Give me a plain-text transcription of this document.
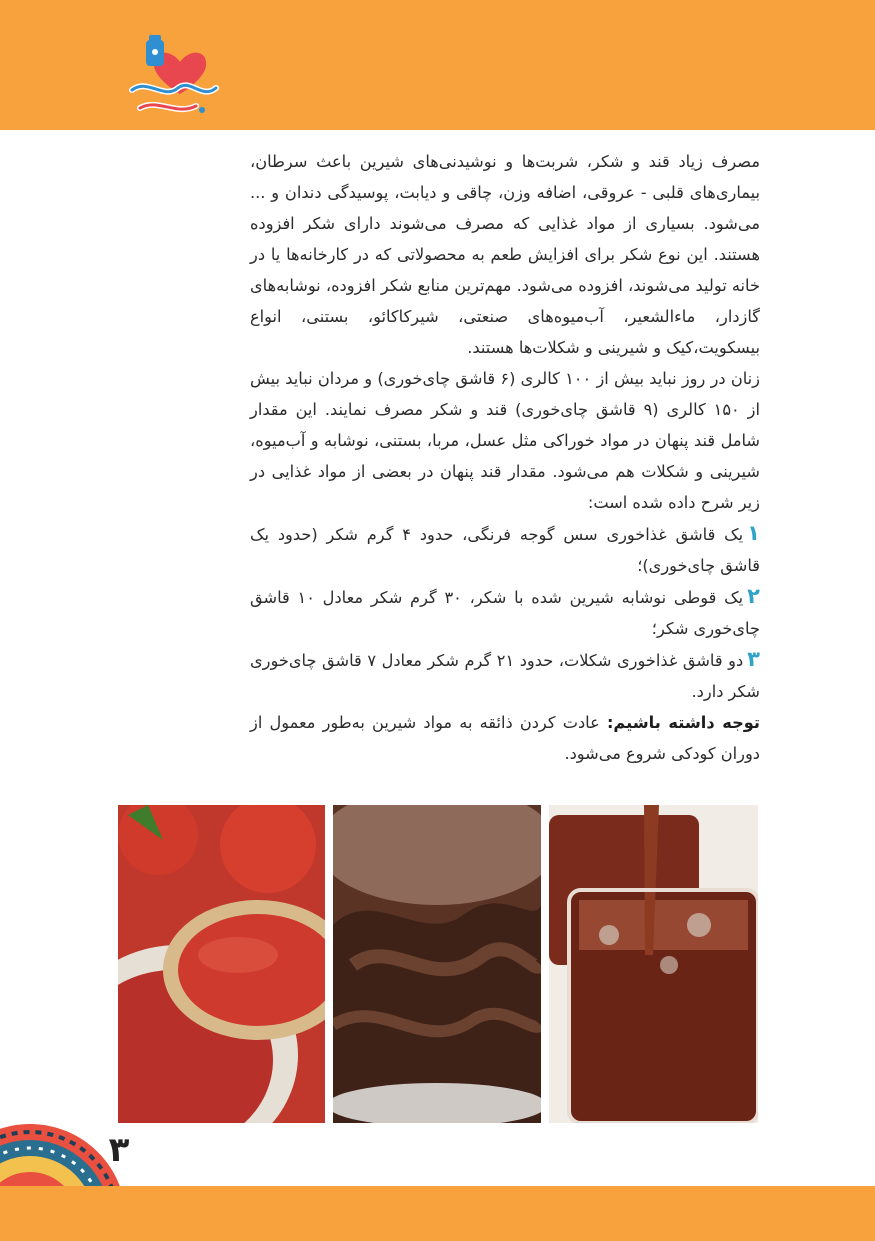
مصرف زیاد قند و شکر، شربت‌ها و نوشیدنی‌های شیرین باعث سرطان، بیماری‌های قلبی - عروقی، اضافه وزن، چاقی و دیابت، پوسیدگی دندان و ... می‌شود. بسیاری از مواد غذایی که مصرف می‌شوند دارای شکر افزوده هستند. این نوع شکر برای افزایش طعم به محصولاتی که در کارخانه‌ها یا در خانه تولید می‌شوند، افزوده می‌شود. مهم‌ترین منابع شکر افزوده، نوشابه‌های گازدار، ماءالشعیر، آب‌میوه‌های صنعتی، شیرکاکائو، بستنی، انواع بیسکویت،کیک و شیرینی و شکلات‌ها هستند.

زنان در روز نباید بیش از ۱۰۰ کالری (۶ قاشق چای‌خوری) و مردان نباید بیش از ۱۵۰ کالری (۹ قاشق چای‌خوری) قند و شکر مصرف نمایند. این مقدار شامل قند پنهان در مواد خوراکی مثل عسل، مربا، بستنی، نوشابه و آب‌میوه، شیرینی و شکلات هم می‌شود. مقدار قند پنهان در بعضی از مواد غذایی در زیر شرح داده شده است:

۱یک قاشق غذاخوری سس گوجه فرنگی، حدود ۴ گرم شکر (حدود یک قاشق چای‌خوری)؛

۲یک قوطی نوشابه شیرین شده با شکر، ۳۰ گرم شکر معادل ۱۰ قاشق چای‌خوری شکر؛

۳دو قاشق غذاخوری شکلات، حدود ۲۱ گرم شکر معادل ۷ قاشق چای‌خوری شکر دارد.

توجه داشته باشیم: عادت کردن ذائقه به مواد شیرین به‌طور معمول از دوران کودکی شروع می‌شود.

۳
